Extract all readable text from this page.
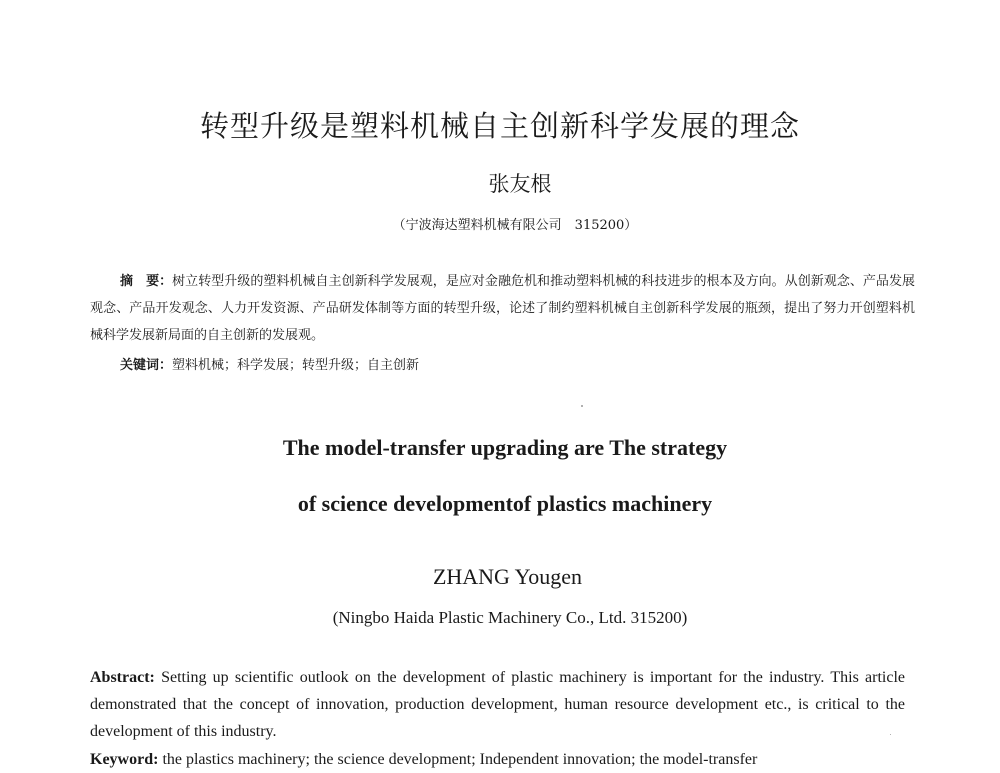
转型升级是塑料机械自主创新科学发展的理念
张友根
（宁波海达塑料机械有限公司　315200）
摘　要：树立转型升级的塑料机械自主创新科学发展观，是应对金融危机和推动塑料机械的科技进步的根本及方向。从创新观念、产品发展观念、产品开发观念、人力开发资源、产品研发体制等方面的转型升级，论述了制约塑料机械自主创新科学发展的瓶颈，提出了努力开创塑料机械科学发展新局面的自主创新的发展观。
关键词：塑料机械；科学发展；转型升级；自主创新
The model-transfer upgrading are The strategy
of science developmentof plastics machinery
ZHANG Yougen
(Ningbo Haida Plastic Machinery Co., Ltd. 315200)
Abstract: Setting up scientific outlook on the development of plastic machinery is important for the industry. This article demonstrated that the concept of innovation, production development, human resource development etc., is critical to the development of this industry.
Keyword: the plastics machinery; the science development; Independent innovation; the model-transfer
